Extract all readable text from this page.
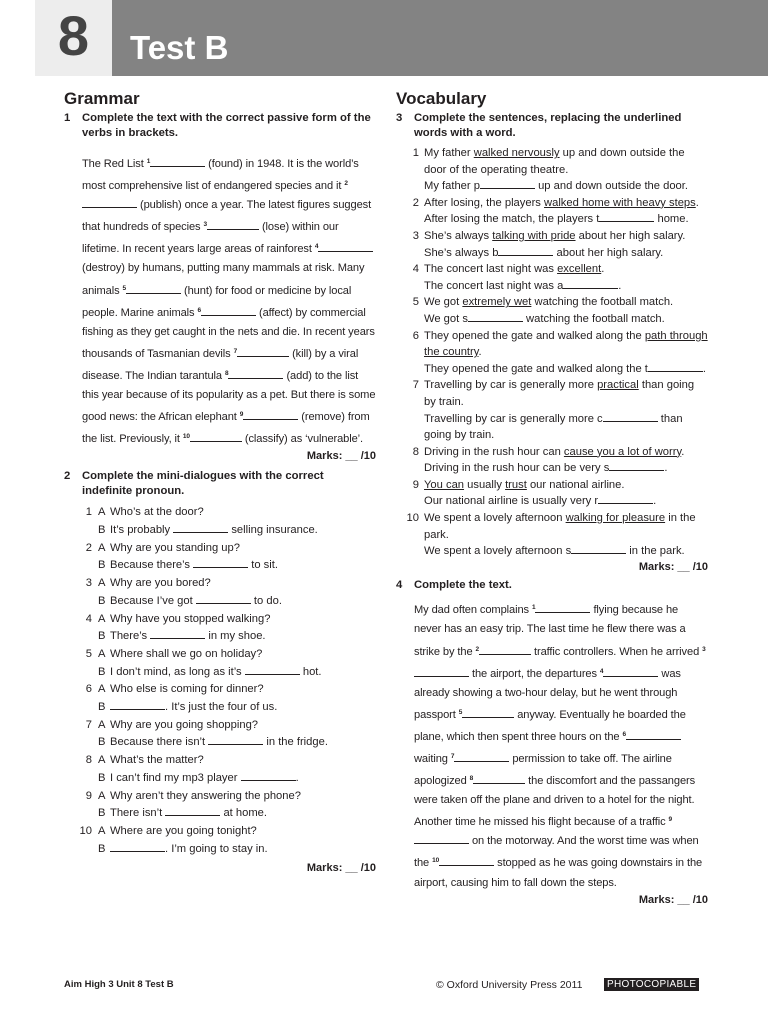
8	Test B
Grammar
1	Complete the text with the correct passive form of the verbs in brackets.
The Red List $^1$	(found) in 1948. It is the world’s most comprehensive list of endangered species and it $^2$ (publish) once a year. The latest figures suggest that hundreds of species $^3$	(lose) within our lifetime. In recent years large areas of rainforest $^4$ (destroy) by humans, putting many mammals at risk. Many animals $^5$	(hunt) for food or medicine by local people. Marine animals $^6$	(affect) by commercial fishing as they get caught in the nets and die. In recent years thousands of Tasmanian devils $^7$	(kill) by a viral disease. The Indian tarantula $^8$	(add) to the list this year because of its popularity as a pet. But there is some good news: the African elephant $^9$	(remove) from the list. Previously, it $^{10}$	(classify) as ‘vulnerable’.
Marks: __ /10
2	Complete the mini-dialogues with the correct indefinite pronoun.
1 A Who’s at the door?
B It’s probably	selling insurance.
2 A Why are you standing up?
B Because there’s	to sit.
3 A Why are you bored?
B Because I’ve got	to do.
4 A Why have you stopped walking?
B There’s	in my shoe.
5 A Where shall we go on holiday?
B I don’t mind, as long as it’s	hot.
6 A Who else is coming for dinner?
B	. It’s just the four of us.
7 A Why are you going shopping?
B Because there isn’t	in the fridge.
8 A What’s the matter?
B I can’t find my mp3 player	.
9 A Why aren’t they answering the phone?
B There isn’t	at home.
10 A Where are you going tonight?
B	. I’m going to stay in.
Marks: __ /10
Vocabulary
3	Complete the sentences, replacing the underlined words with a word.
1 My father walked nervously up and down outside the door of the operating theatre.
My father p	up and down outside the door.
2 After losing, the players walked home with heavy steps.
After losing the match, the players t	home.
3 She’s always talking with pride about her high salary.
She’s always b	about her high salary.
4 The concert last night was excellent.
The concert last night was a	.
5 We got extremely wet watching the football match.
We got s	watching the football match.
6 They opened the gate and walked along the path through the country.
They opened the gate and walked along the t	.
7 Travelling by car is generally more practical than going by train.
Travelling by car is generally more c	than going by train.
8 Driving in the rush hour can cause you a lot of worry.
Driving in the rush hour can be very s	.
9 You can usually trust our national airline.
Our national airline is usually very r	.
10 We spent a lovely afternoon walking for pleasure in the park.
We spent a lovely afternoon s	in the park.
Marks: __ /10
4	Complete the text.
My dad often complains $^1$	flying because he never has an easy trip. The last time he flew there was a strike by the $^2$	traffic controllers. When he arrived $^3$ the airport, the departures $^4$	was already showing a two-hour delay, but he went through passport $^5$	anyway. Eventually he boarded the plane, which then spent three hours on the $^6$ waiting $^7$	permission to take off. The airline apologized $^8$	the discomfort and the passangers were taken off the plane and driven to a hotel for the night. Another time he missed his flight because of a traffic $^9$ on the motorway. And the worst time was when the $^{10}$	stopped as he was going downstairs in the airport, causing him to fall down the steps.
Marks: __ /10
Aim High 3 Unit 8 Test B	© Oxford University Press 2011	PHOTOCOPIABLE
